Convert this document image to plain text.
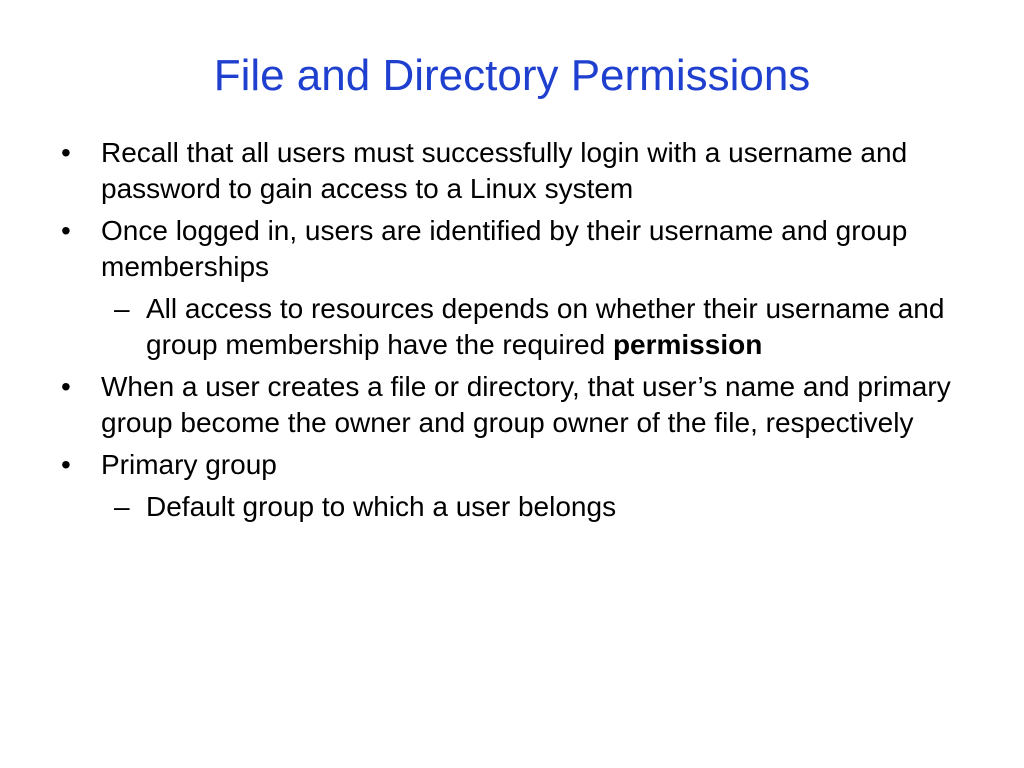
File and Directory Permissions
• Recall that all users must successfully login with a username and password to gain access to a Linux system
• Once logged in, users are identified by their username and group memberships
– All access to resources depends on whether their username and group membership have the required permission
• When a user creates a file or directory, that user’s name and primary group become the owner and group owner of the file, respectively
• Primary group
– Default group to which a user belongs
